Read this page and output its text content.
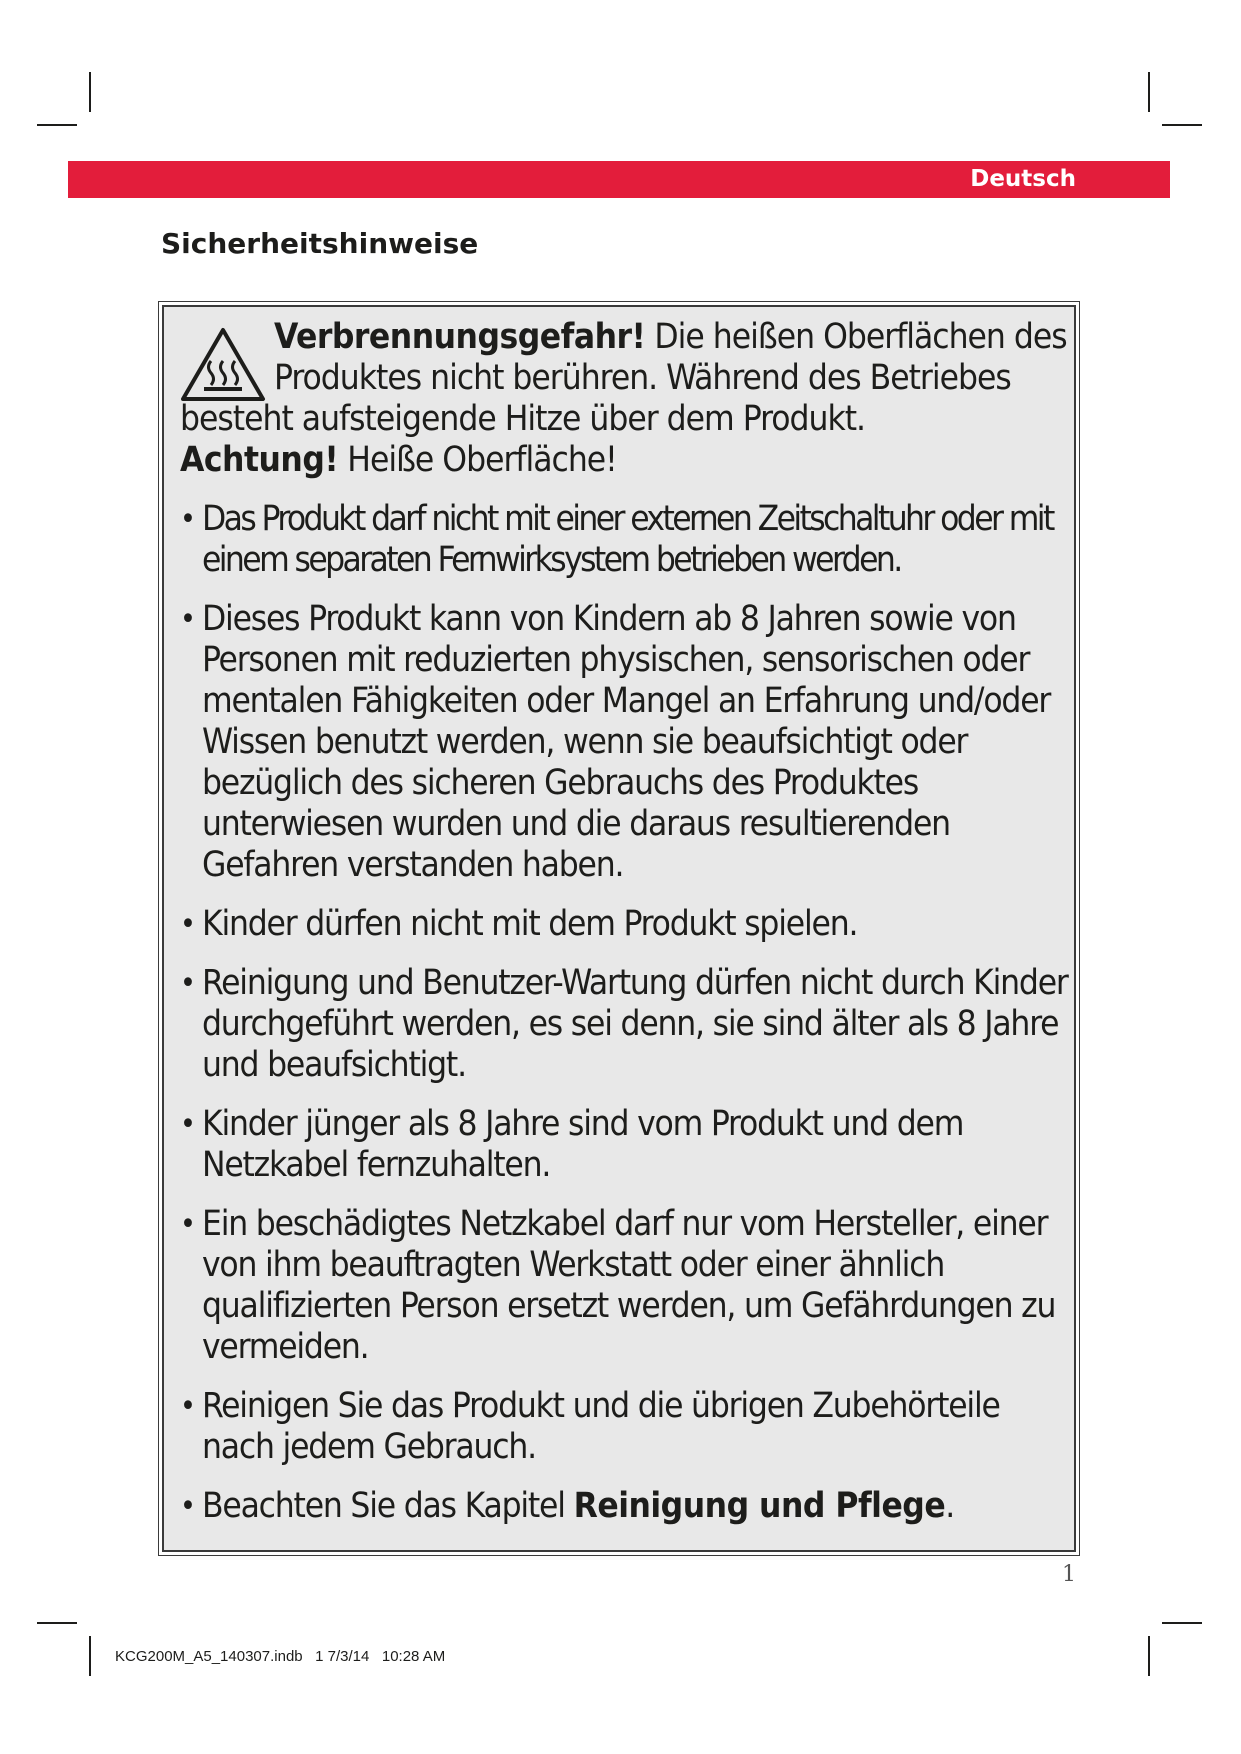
Deutsch
Sicherheitshinweise

Verbrennungsgefahr! Die heißen Oberflächen des Produktes nicht berühren. Während des Betriebes besteht aufsteigende Hitze über dem Produkt.
Achtung! Heiße Oberfläche!

• Das Produkt darf nicht mit einer externen Zeitschaltuhr oder mit einem separaten Fernwirksystem betrieben werden.
• Dieses Produkt kann von Kindern ab 8 Jahren sowie von Personen mit reduzierten physischen, sensorischen oder mentalen Fähigkeiten oder Mangel an Erfahrung und/oder Wissen benutzt werden, wenn sie beaufsichtigt oder bezüglich des sicheren Gebrauchs des Produktes unterwiesen wurden und die daraus resultierenden Gefahren verstanden haben.
• Kinder dürfen nicht mit dem Produkt spielen.
• Reinigung und Benutzer-Wartung dürfen nicht durch Kinder durchgeführt werden, es sei denn, sie sind älter als 8 Jahre und beaufsichtigt.
• Kinder jünger als 8 Jahre sind vom Produkt und dem Netzkabel fernzuhalten.
• Ein beschädigtes Netzkabel darf nur vom Hersteller, einer von ihm beauftragten Werkstatt oder einer ähnlich qualifizierten Person ersetzt werden, um Gefährdungen zu vermeiden.
• Reinigen Sie das Produkt und die übrigen Zubehörteile nach jedem Gebrauch.
• Beachten Sie das Kapitel Reinigung und Pflege.
1
KCG200M_A5_140307.indb   1 7/3/14   10:28 AM
